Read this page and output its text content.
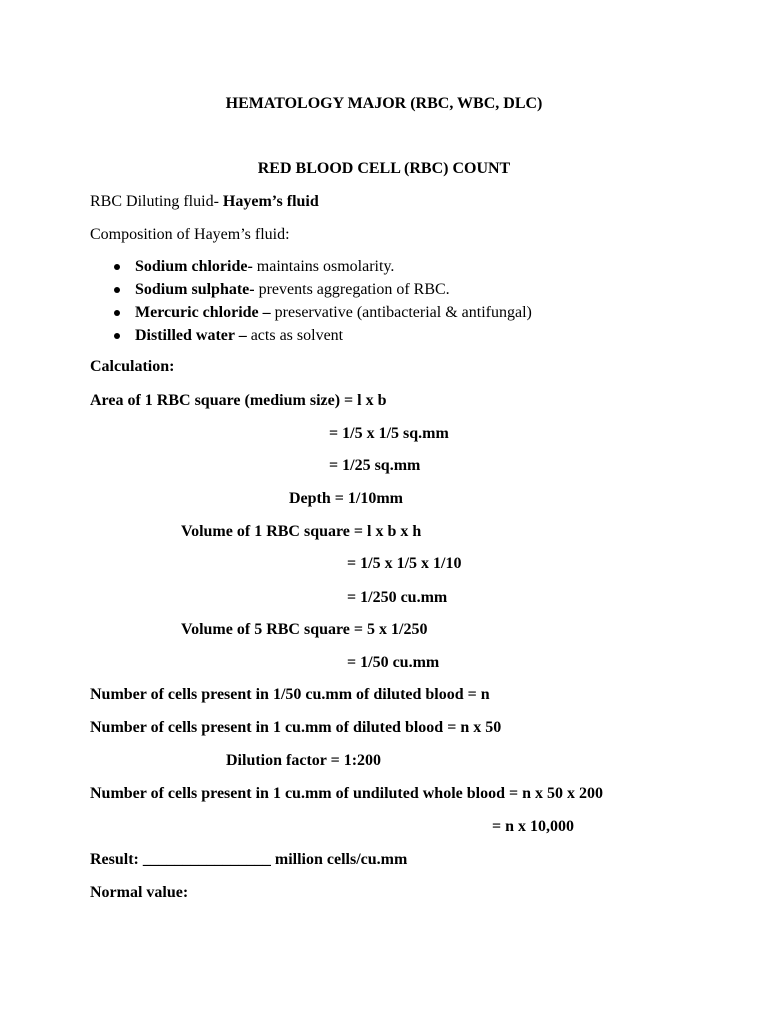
HEMATOLOGY MAJOR (RBC, WBC, DLC)
RED BLOOD CELL (RBC) COUNT
RBC Diluting fluid- Hayem’s fluid
Composition of Hayem’s fluid:
Sodium chloride- maintains osmolarity.
Sodium sulphate- prevents aggregation of RBC.
Mercuric chloride – preservative (antibacterial & antifungal)
Distilled water – acts as solvent
Calculation:
Area of 1 RBC square (medium size) = l x b
= 1/5 x 1/5 sq.mm
= 1/25 sq.mm
Depth = 1/10mm
Volume of 1 RBC square = l x b x h
= 1/5 x 1/5 x 1/10
= 1/250 cu.mm
Volume of 5 RBC square = 5 x 1/250
= 1/50 cu.mm
Number of cells present in 1/50 cu.mm of diluted blood = n
Number of cells present in 1 cu.mm of diluted blood = n x 50
Dilution factor = 1:200
Number of cells present in 1 cu.mm of undiluted whole blood = n x 50 x 200
= n x 10,000
Result: ________________ million cells/cu.mm
Normal value:
